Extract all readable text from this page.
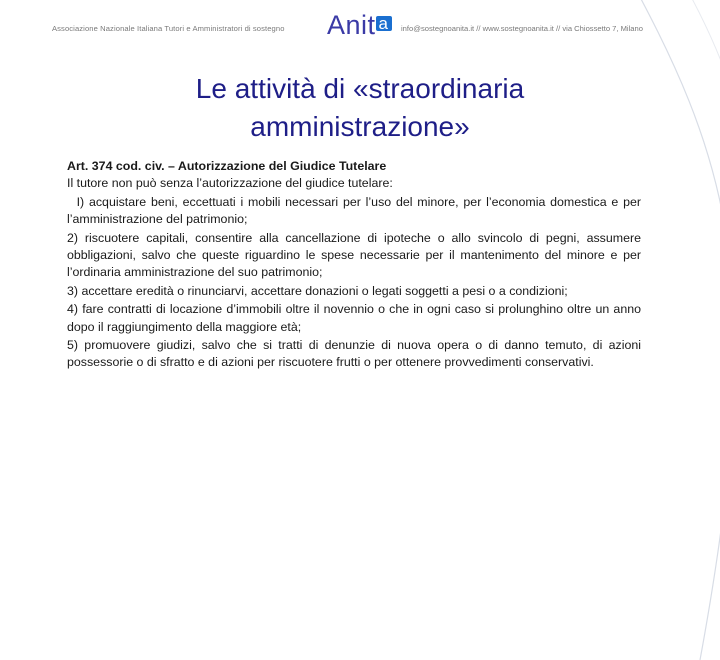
Associazione Nazionale Italiana Tutori e Amministratori di sostegno Anit a info@sostegnoanita.it // www.sostegnoanita.it // via Chiossetto 7, Milano
Le attività di «straordinaria
amministrazione»

Art. 374 cod. civ. – Autorizzazione del Giudice Tutelare

Il tutore non può senza l’autorizzazione del giudice tutelare:

I) acquistare beni, eccettuati i mobili necessari per l’uso del minore, per l’economia domestica e per l’amministrazione del patrimonio;

2) riscuotere capitali, consentire alla cancellazione di ipoteche o allo svincolo di pegni, assumere obbligazioni, salvo che queste riguardino le spese necessarie per il mantenimento del minore e per l’ordinaria amministrazione del suo patrimonio;

3) accettare eredità o rinunciarvi, accettare donazioni o legati soggetti a pesi o a condizioni;

4) fare contratti di locazione d’immobili oltre il novennio o che in ogni caso si prolunghino oltre un anno dopo il raggiungimento della maggiore età;

5) promuovere giudizi, salvo che si tratti di denunzie di nuova opera o di danno temuto, di azioni possessorie o di sfratto e di azioni per riscuotere frutti o per ottenere provvedimenti conservativi.
